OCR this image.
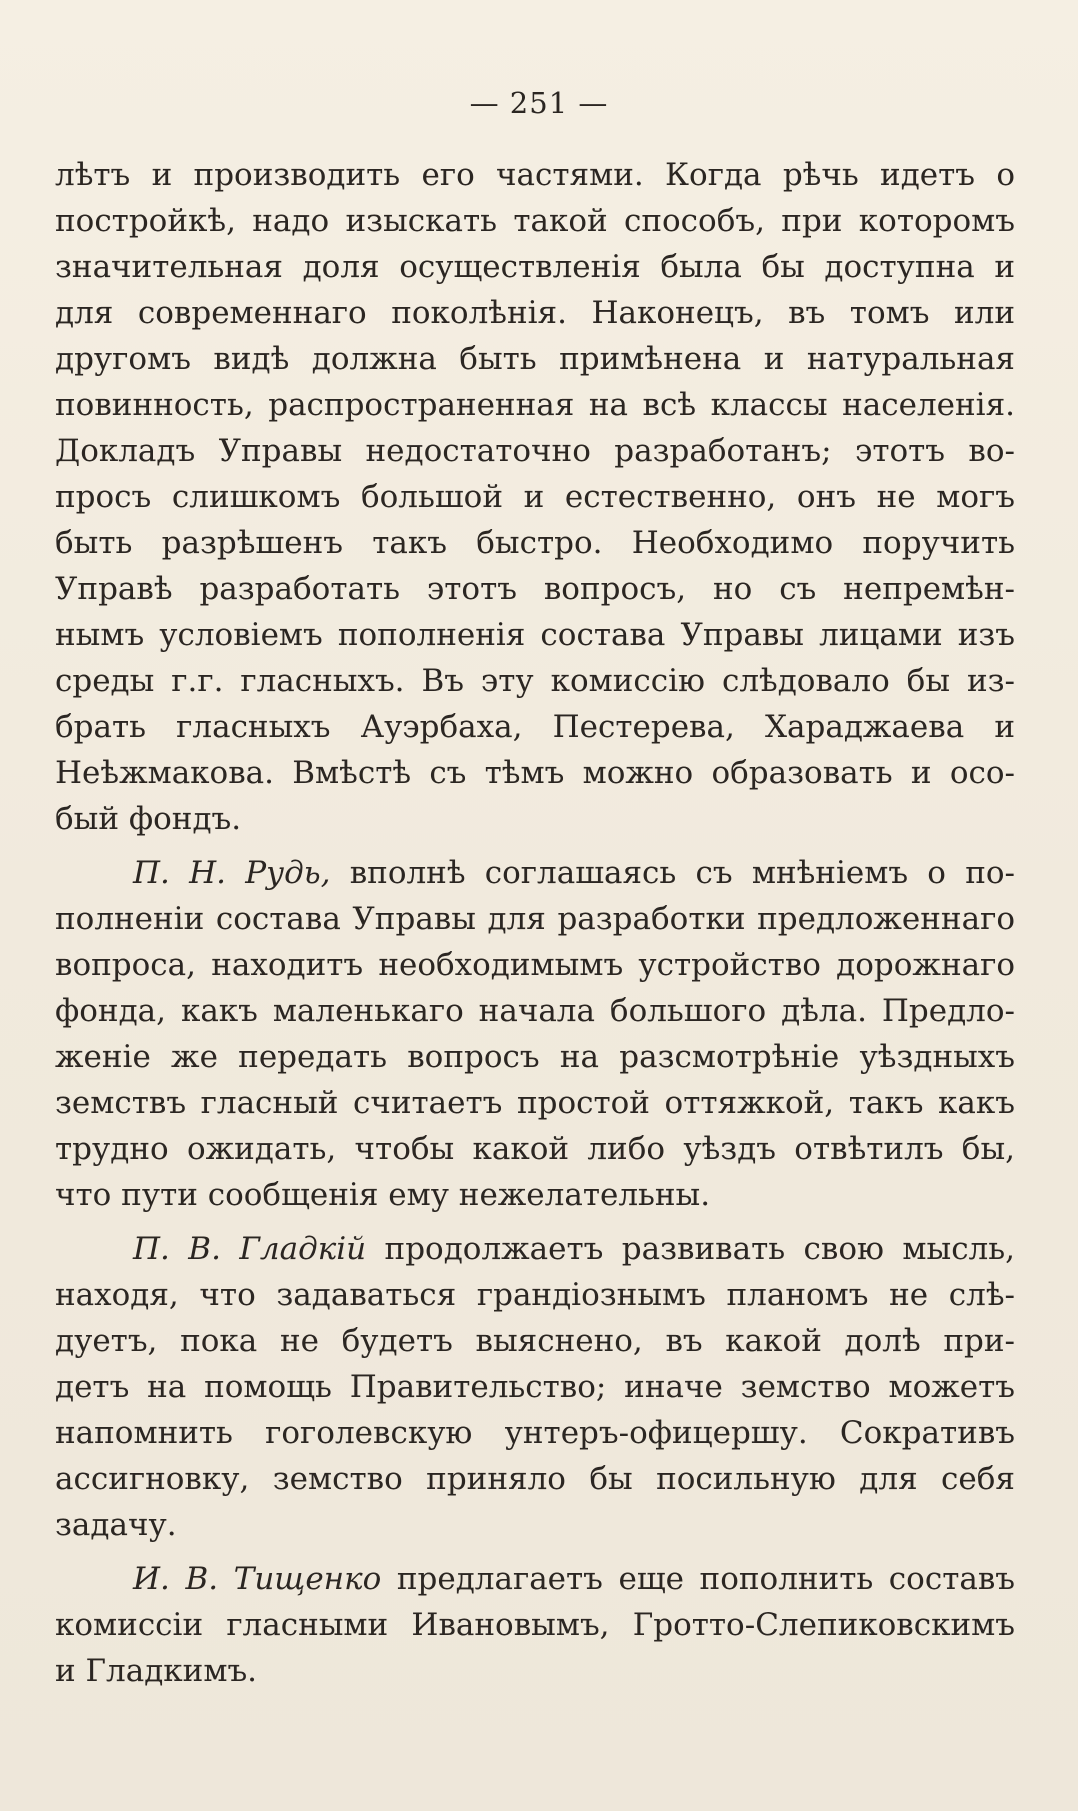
— 251 —
лѣтъ и производить его частями. Когда рѣчь идетъ о
постройкѣ, надо изыскать такой способъ, при которомъ
значительная доля осуществленія была бы доступна и
для современнаго поколѣнія. Наконецъ, въ томъ или
другомъ видѣ должна быть примѣнена и натуральная
повинность, распространенная на всѣ классы населенія.
Докладъ Управы недостаточно разработанъ; этотъ во-
просъ слишкомъ большой и естественно, онъ не могъ
быть разрѣшенъ такъ быстро. Необходимо поручить
Управѣ разработать этотъ вопросъ, но съ непремѣн-
нымъ условіемъ пополненія состава Управы лицами изъ
среды г.г. гласныхъ. Въ эту комиссію слѣдовало бы из-
брать гласныхъ Ауэрбаха, Пестерева, Хараджаева и
Неѣжмакова. Вмѣстѣ съ тѣмъ можно образовать и осо-
бый фондъ.
П. Н. Рудь, вполнѣ соглашаясь съ мнѣніемъ о по-
полненіи состава Управы для разработки предложеннаго
вопроса, находитъ необходимымъ устройство дорожнаго
фонда, какъ маленькаго начала большого дѣла. Предло-
женіе же передать вопросъ на разсмотрѣніе уѣздныхъ
земствъ гласный считаетъ простой оттяжкой, такъ какъ
трудно ожидать, чтобы какой либо уѣздъ отвѣтилъ бы,
что пути сообщенія ему нежелательны.
П. В. Гладкій продолжаетъ развивать свою мысль,
находя, что задаваться грандіознымъ планомъ не слѣ-
дуетъ, пока не будетъ выяснено, въ какой долѣ при-
детъ на помощь Правительство; иначе земство можетъ
напомнить гоголевскую унтеръ-офицершу. Сокративъ
ассигновку, земство приняло бы посильную для себя
задачу.
И. В. Тищенко предлагаетъ еще пополнить составъ
комиссіи гласными Ивановымъ, Гротто-Слепиковскимъ
и Гладкимъ.
